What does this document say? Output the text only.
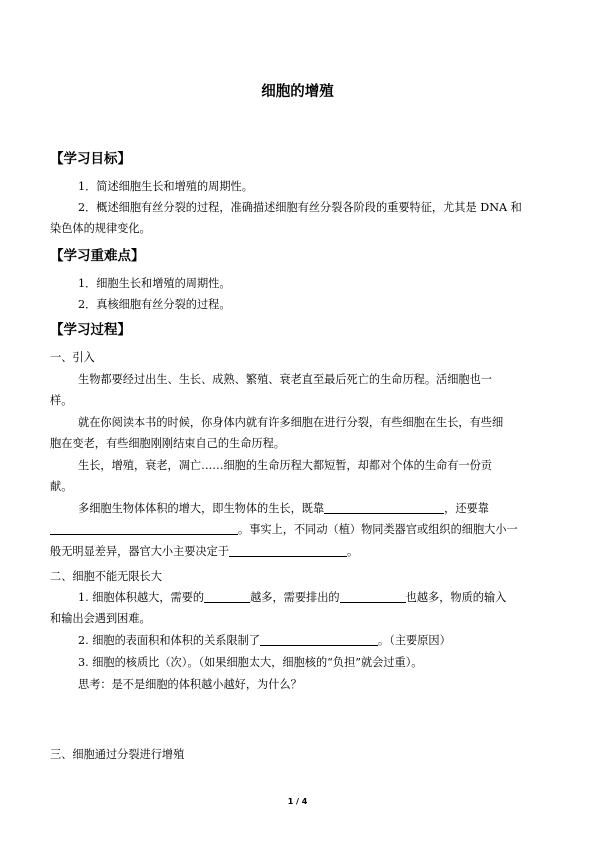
细胞的增殖
【学习目标】
1．简述细胞生长和增殖的周期性。
2．概述细胞有丝分裂的过程，准确描述细胞有丝分裂各阶段的重要特征，尤其是 DNA 和
染色体的规律变化。
【学习重难点】
1．细胞生长和增殖的周期性。
2．真核细胞有丝分裂的过程。
【学习过程】
一、引入
生物都要经过出生、生长、成熟、繁殖、衰老直至最后死亡的生命历程。活细胞也一
样。
就在你阅读本书的时候，你身体内就有许多细胞在进行分裂，有些细胞在生长，有些细
胞在变老，有些细胞刚刚结束自己的生命历程。
生长，增殖，衰老，凋亡……细胞的生命历程大都短暂，却都对个体的生命有一份贡
献。
多细胞生物体体积的增大，即生物体的生长，既靠	，还要靠
。事实上，不同动（植）物同类器官或组织的细胞大小一
般无明显差异，器官大小主要决定于	。
二、细胞不能无限长大
1. 细胞体积越大，需要的	越多，需要排出的	也越多，物质的输入
和输出会遇到困难。
2. 细胞的表面积和体积的关系限制了	。（主要原因）
3. 细胞的核质比（次）。（如果细胞太大，细胞核的“负担”就会过重）。
思考：是不是细胞的体积越小越好，为什么？
三、细胞通过分裂进行增殖
1 / 4
